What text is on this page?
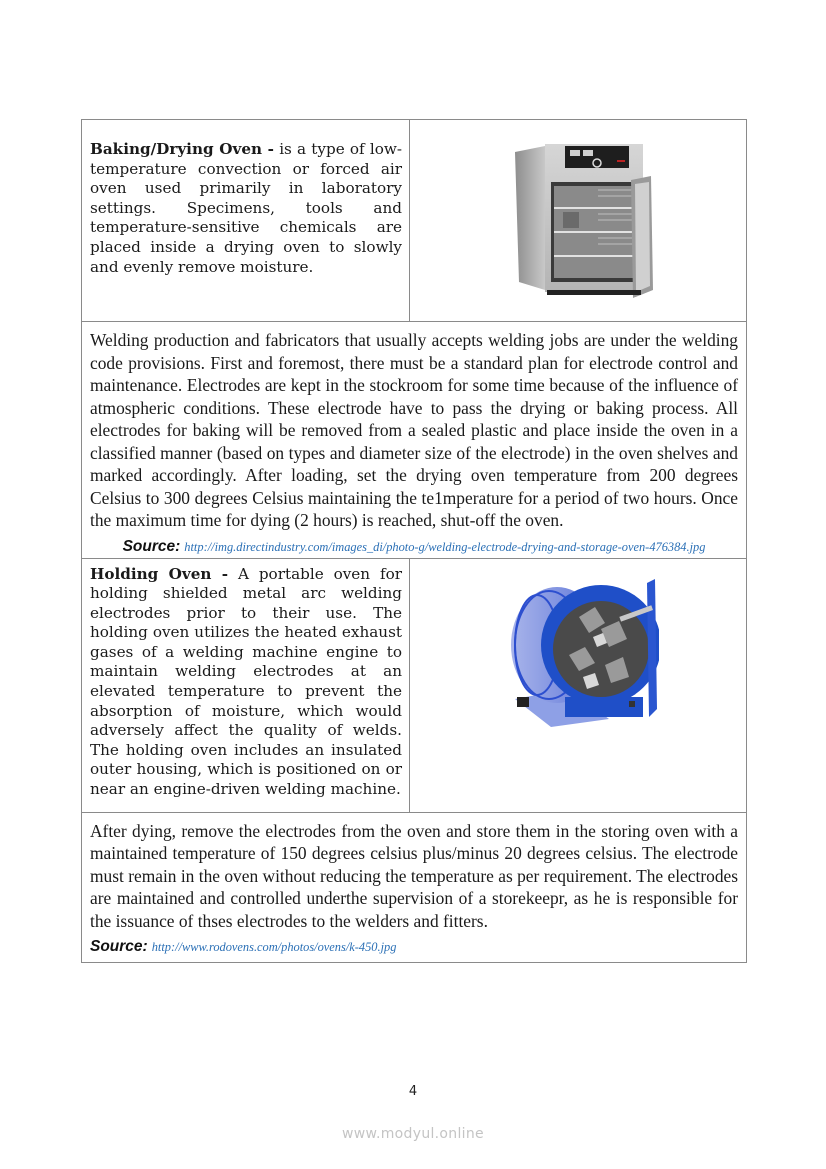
Baking/Drying Oven - is a type of low-temperature convection or forced air oven used primarily in laboratory settings. Specimens, tools and temperature-sensitive chemicals are placed inside a drying oven to slowly and evenly remove moisture.

Welding production and fabricators that usually accepts welding jobs are under the welding code provisions. First and foremost, there must be a standard plan for electrode control and maintenance. Electrodes are kept in the stockroom for some time because of the influence of atmospheric conditions. These electrode have to pass the drying or baking process. All electrodes for baking will be removed from a sealed plastic and place inside the oven in a classified manner (based on types and diameter size of the electrode) in the oven shelves and marked accordingly. After loading, set the drying oven temperature from 200 degrees Celsius to 300 degrees Celsius maintaining the te1mperature for a period of two hours. Once the maximum time for dying (2 hours) is reached, shut-off the oven.
Source: http://img.directindustry.com/images_di/photo-g/welding-electrode-drying-and-storage-oven-476384.jpg	

Holding Oven - A portable oven for holding shielded metal arc welding electrodes prior to their use. The holding oven utilizes the heated exhaust gases of a welding machine engine to maintain welding electrodes at an elevated temperature to prevent the absorption of moisture, which would adversely affect the quality of welds. The holding oven includes an insulated outer housing, which is positioned on or near an engine-driven welding machine.

After dying, remove the electrodes from the oven and store them in the storing oven with a maintained temperature of 150 degrees celsius plus/minus 20 degrees celsius. The electrode must remain in the oven without reducing the temperature as per requirement. The electrodes are maintained and controlled underthe supervision of a storekeepr, as he is responsible for the issuance of thses electrodes to the welders and fitters.
Source: http://www.rodovens.com/photos/ovens/k-450.jpg	
4
www.modyul.online
